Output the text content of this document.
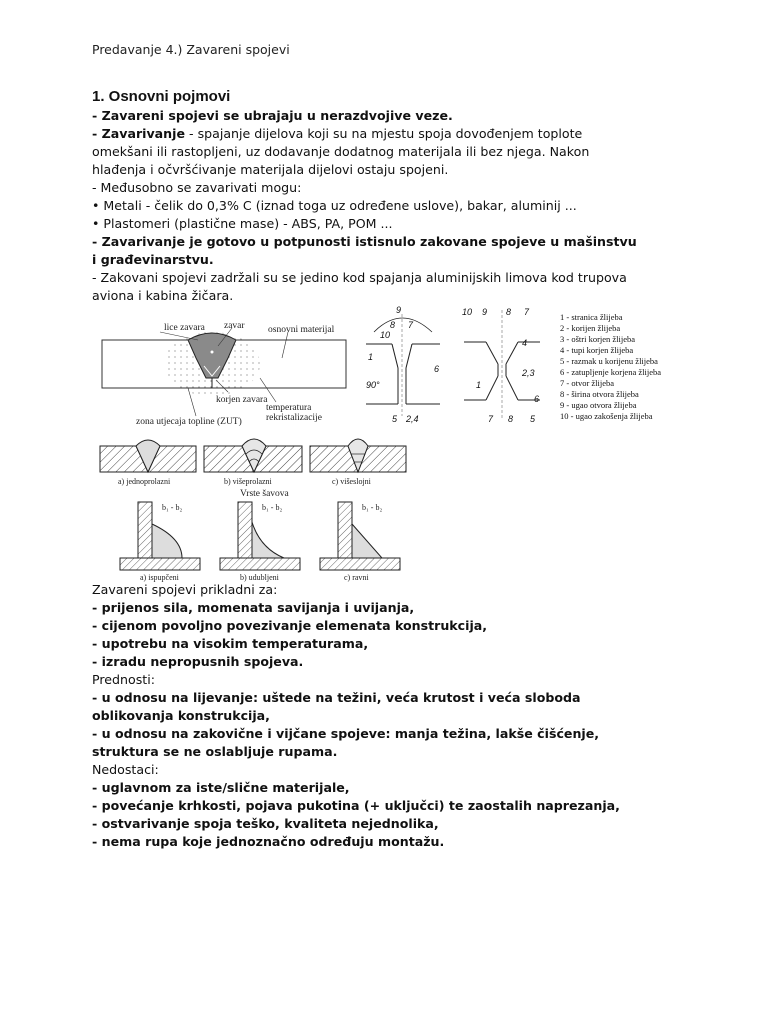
Predavanje 4.) Zavareni spojevi
1. Osnovni pojmovi

- Zavareni spojevi se ubrajaju u nerazdvojive veze.

- Zavarivanje - spajanje dijelova koji su na mjestu spoja dovođenjem toplote omekšani ili rastopljeni, uz dodavanje dodatnog materijala ili bez njega. Nakon hlađenja i očvršćivanje materijala dijelovi ostaju spojeni.

- Međusobno se zavarivati mogu:

• Metali - čelik do 0,3% C (iznad toga uz određene uslove), bakar, aluminij ...

• Plastomeri (plastične mase) - ABS, PA, POM ...

- Zavarivanje je gotovo u potpunosti istisnulo zakovane spojeve u mašinstvu i građevinarstvu.

- Zakovani spojevi zadržali su se jedino kod spajanja aluminijskih limova kod trupova aviona i kabina žičara.

lice zavara zavar osnovni materijal
korjen zavara
zona utjecaja topline (ZUT)
temperatura
rekristalizacije
9
8 7
10
1
6
5 2,4
90°
10 9 8 7
1
2,3
4
7 8
6
5
1 - stranica žlijeba
2 - korijen žlijeba
3 - oštri korjen žlijeba
4 - tupi korjen žlijeba
5 - razmak u korijenu žlijeba
6 - zatupljenje korjena žlijeba
7 - otvor žlijeba
8 - širina otvora žlijeba
9 - ugao otvora žlijeba
10 - ugao zakošenja žlijeba
a) jednoprolazni	b) višeprolazni	c) višeslojni
Vrste šavova
b₁ - b₂	b₁ - b₂	b₁ - b₂
a) ispupčeni	b) udubljeni	c) ravni

Zavareni spojevi prikladni za:

- prijenos sila, momenata savijanja i uvijanja,

- cijenom povoljno povezivanje elemenata konstrukcija,

- upotrebu na visokim temperaturama,

- izradu nepropusnih spojeva.

Prednosti:

- u odnosu na lijevanje: uštede na težini, veća krutost i veća sloboda oblikovanja konstrukcija,

- u odnosu na zakovične i vijčane spojeve: manja težina, lakše čišćenje, struktura se ne oslabljuje rupama.

Nedostaci:

- uglavnom za iste/slične materijale,

- povećanje krhkosti, pojava pukotina (+ uključci) te zaostalih naprezanja,

- ostvarivanje spoja teško, kvaliteta nejednolika,

- nema rupa koje jednoznačno određuju montažu.
